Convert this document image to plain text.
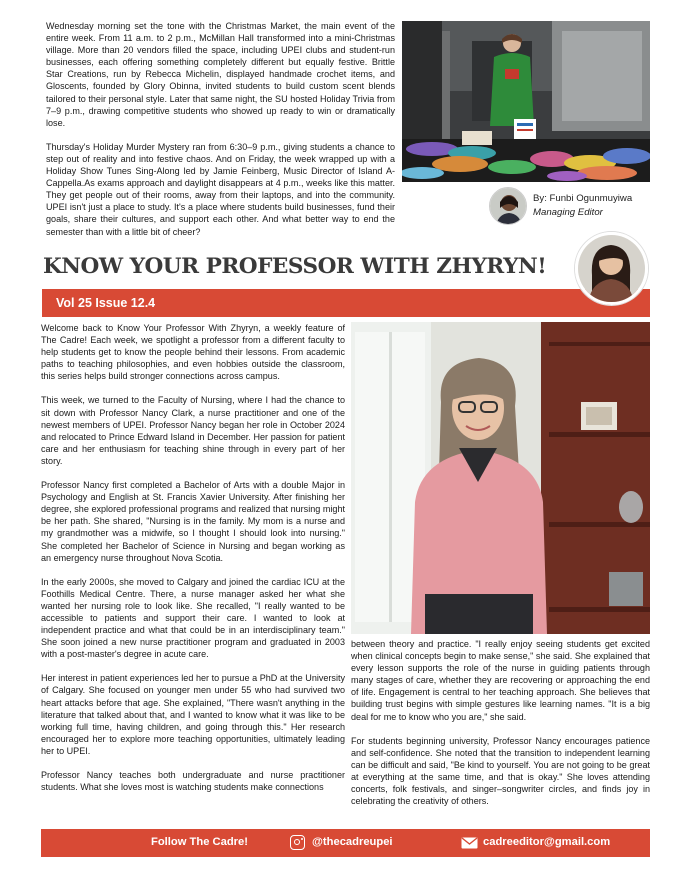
Wednesday morning set the tone with the Christmas Market, the main event of the entire week. From 11 a.m. to 2 p.m., McMillan Hall transformed into a mini-Christmas village. More than 20 vendors filled the space, including UPEI clubs and student-run businesses, each offering something completely different but equally festive. Brittle Star Creations, run by Rebecca Michelin, displayed handmade crochet items, and Gloscents, founded by Glory Obinna, invited students to build custom scent blends tailored to their personal style. Later that same night, the SU hosted Holiday Trivia from 7–9 p.m., drawing competitive students who showed up ready to win or dramatically lose.

Thursday's Holiday Murder Mystery ran from 6:30–9 p.m., giving students a chance to step out of reality and into festive chaos. And on Friday, the week wrapped up with a Holiday Show Tunes Sing-Along led by Jamie Feinberg, Music Director of Island A-Cappella.As exams approach and daylight disappears at 4 p.m., weeks like this matter. They get people out of their rooms, away from their laptops, and into the community. UPEI isn't just a place to study. It's a place where students build businesses, fund their goals, share their cultures, and support each other. And what better way to end the semester than with a little bit of cheer?

By: Funbi Ogunmuyiwa
Managing Editor
KNOW YOUR PROFESSOR WITH ZHYRYN!
Vol 25 Issue 12.4

Welcome back to Know Your Professor With Zhyryn, a weekly feature of The Cadre! Each week, we spotlight a professor from a different faculty to help students get to know the people behind their lessons. From academic paths to teaching philosophies, and even hobbies outside the classroom, this series helps build stronger connections across campus.

This week, we turned to the Faculty of Nursing, where I had the chance to sit down with Professor Nancy Clark, a nurse practitioner and one of the newest members of UPEI. Professor Nancy began her role in October 2024 and relocated to Prince Edward Island in December. Her passion for patient care and her enthusiasm for teaching shine through in every part of her story.

Professor Nancy first completed a Bachelor of Arts with a double Major in Psychology and English at St. Francis Xavier University. After finishing her degree, she explored professional programs and realized that nursing might be her path. She shared, "Nursing is in the family. My mom is a nurse and my grandmother was a midwife, so I thought I should look into nursing." She completed her Bachelor of Science in Nursing and began working as an emergency nurse throughout Nova Scotia.

In the early 2000s, she moved to Calgary and joined the cardiac ICU at the Foothills Medical Centre. There, a nurse manager asked her what she wanted her nursing role to look like. She recalled, "I really wanted to be accessible to patients and support their care. I wanted to look at independent practice and what that could be in an interdisciplinary team." She soon joined a new nurse practitioner program and graduated in 2003 with a post-master's degree in acute care.

Her interest in patient experiences led her to pursue a PhD at the University of Calgary. She focused on younger men under 55 who had survived two heart attacks before that age. She explained, "There wasn't anything in the literature that talked about that, and I wanted to know what it was like to be working full time, having children, and going through this." Her research encouraged her to explore more teaching opportunities, ultimately leading her to UPEI.

Professor Nancy teaches both undergraduate and nurse practitioner students. What she loves most is watching students make connections

between theory and practice. "I really enjoy seeing students get excited when clinical concepts begin to make sense," she said. She explained that every lesson supports the role of the nurse in guiding patients through many stages of care, whether they are recovering or approaching the end of life. Engagement is central to her teaching approach. She believes that building trust begins with simple gestures like learning names. "It is a big deal for me to know who you are," she said.

For students beginning university, Professor Nancy encourages patience and self-confidence. She noted that the transition to independent learning can be difficult and said, "Be kind to yourself. You are not going to be great at everything at the same time, and that is okay." She loves attending concerts, folk festivals, and singer–songwriter circles, and finds joy in celebrating the creativity of others.

Follow The Cadre!	@thecadreupei	cadreeditor@gmail.com
